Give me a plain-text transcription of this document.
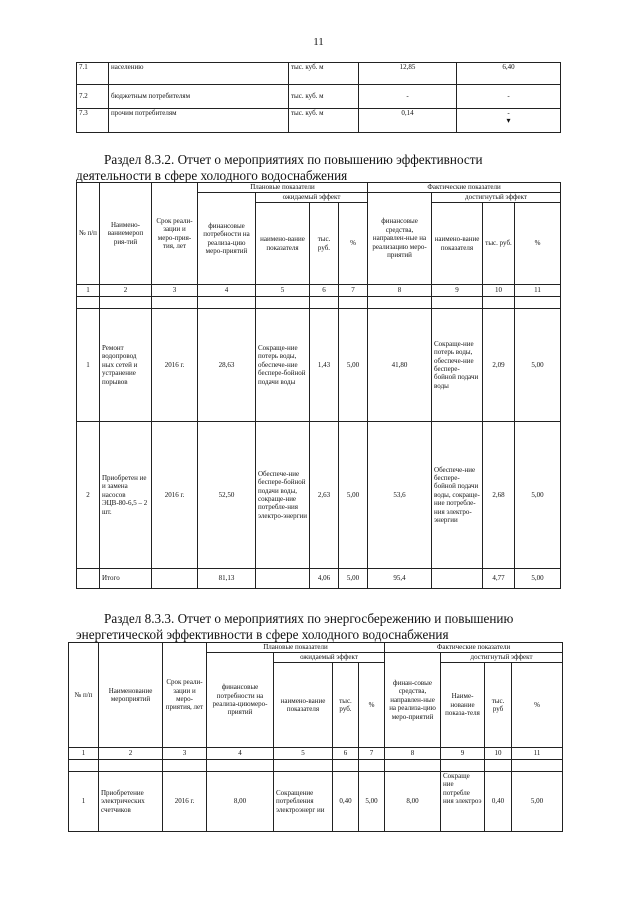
11
7.1	населению	тыс. куб. м	12,85	6,40
7.2	бюджетным потребителям	тыс. куб. м	-	-
7.3	прочим потребителям	тыс. куб. м	0,14	-
▾
Раздел 8.3.2. Отчет о мероприятиях по повышению эффективности
деятельности в сфере холодного водоснабжения
№ п/п	Наимено-ваниемероп рия-тий	Срок реали-зации и меро-прия-тия, лет	Плановые показатели				Фактические показатели			
			финансовые потребности на реализа-цию меро-приятий	ожидаемый эффект			финансовые средства, направлен-ные на реализацию меро-приятий	достигнутый эффект		
				наимено-вание показателя	тыс. руб.	%		наимено-вание показателя	тыс. руб.	%
1	2	3	4	5	6	7	8	9	10	11

1	Ремонт водопровод ных сетей и устранение порывов	2016 г.	28,63	Сокраще-ние потерь воды, обеспече-ние беспере-бойной подачи воды	1,43	5,00	41,80	Сокраще-ние потерь воды, обеспече-ние беспере-бойной подачи воды	2,09	5,00
2	Приобретен ие и замена насосов ЭЦВ-80-6,5 – 2 шт.	2016 г.	52,50	Обеспече-ние беспере-бойной подачи воды, сокраще-ние потребле-ния электро-энергии	2,63	5,00	53,6	Обеспече-ние беспере-бойной подачи воды, сокраще-ние потребле-ния электро-энергии	2,68	5,00
	Итого		81,13		4,06	5,00	95,4		4,77	5,00
Раздел 8.3.3. Отчет о мероприятиях по энергосбережению и повышению
энергетической эффективности в сфере холодного водоснабжения
№ п/п	Наименование мероприятий	Срок реали-зации и меро-приятия, лет	Плановые показатели				Фактические показатели			
			финансовые потребности на реализа-циюмеро-приятий	ожидаемый эффект			финан-совые средства, направлен-ные на реализа-цию меро-приятий	достигнутый эффект		
				наимено-вание показателя	тыс. руб.	%		Наиме-нование показа-теля	тыс. руб	%
1	2	3	4	5	6	7	8	9	10	11

1	Приобретение электрических счетчиков	2016 г.	8,00	Сокращение потребления электроэнерг ии	0,40	5,00	8,00	Сокраще ние потребле ния электроэ	0,40	5,00
